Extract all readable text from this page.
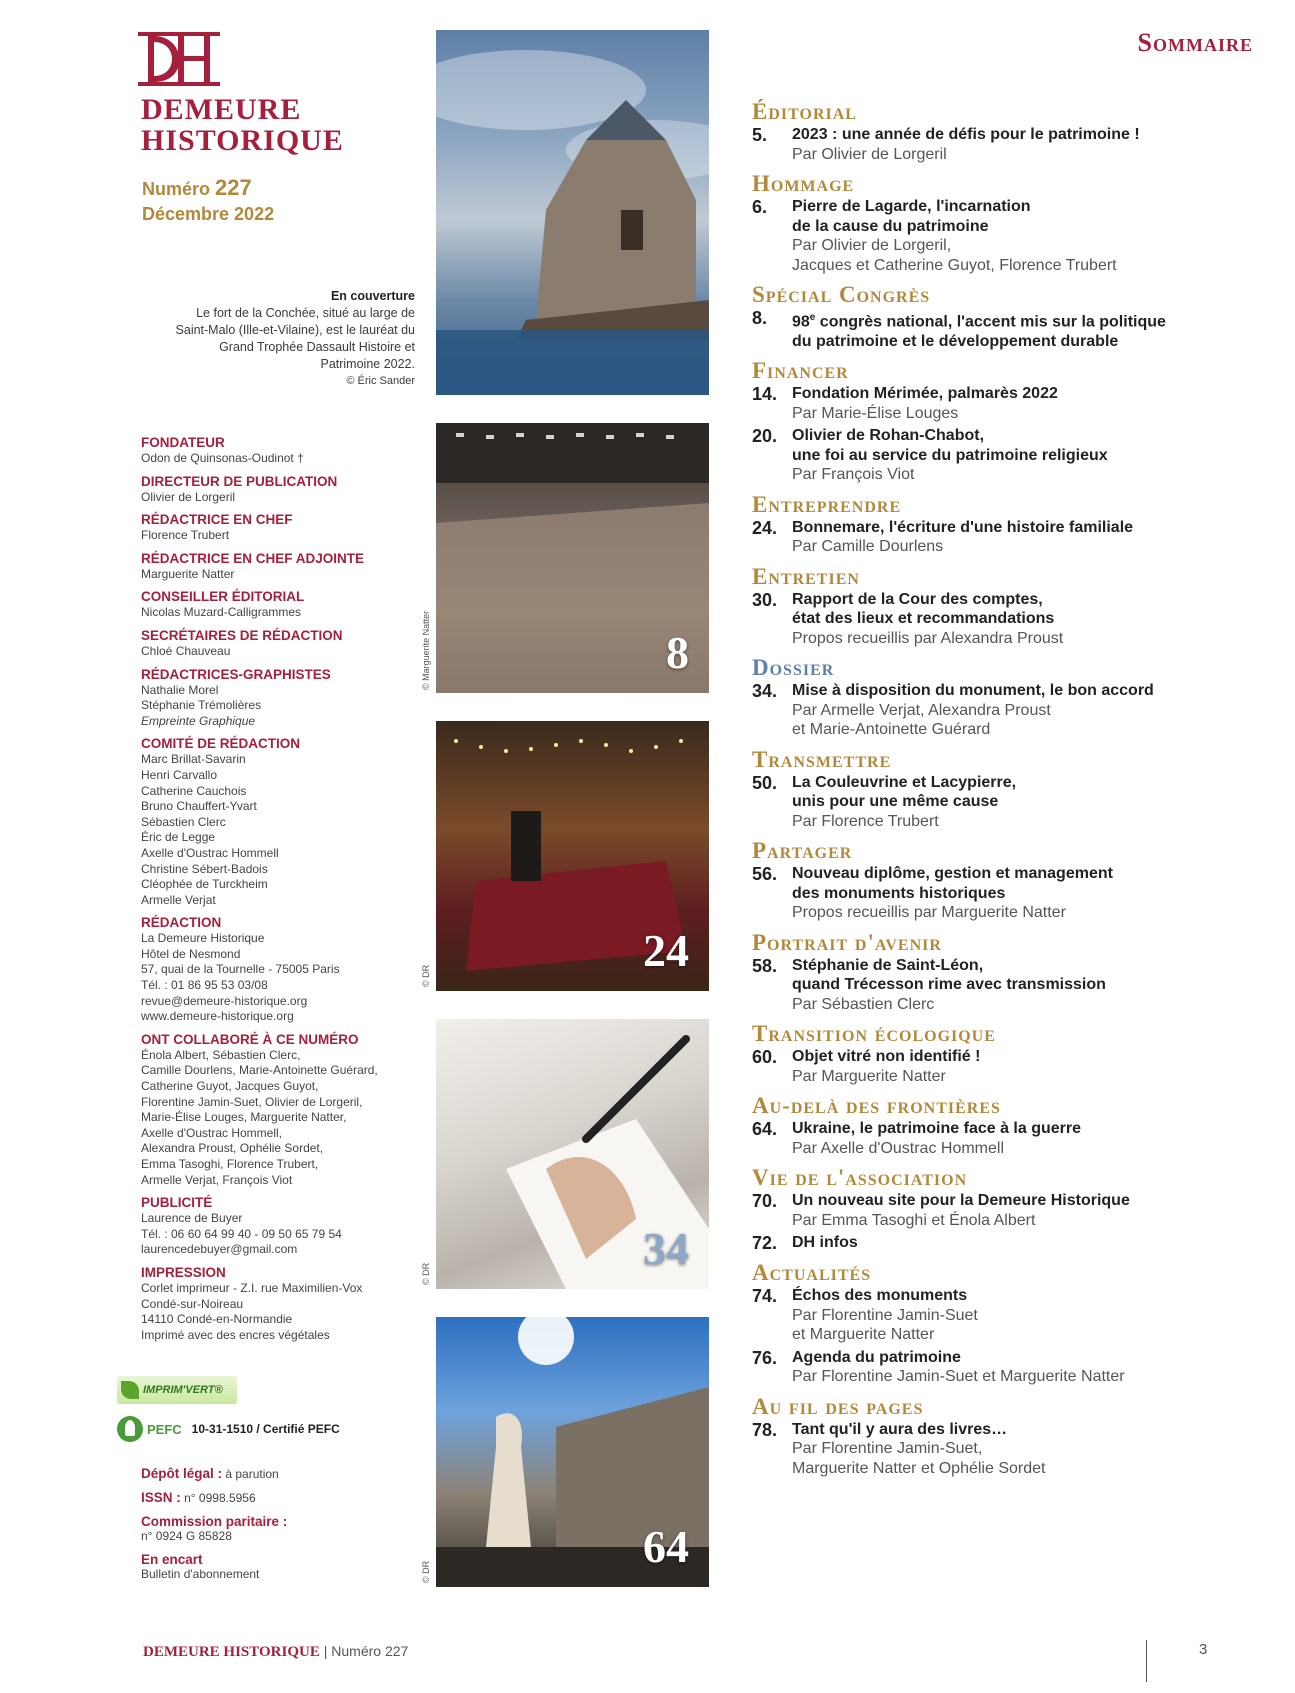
DEMEURE
HISTORIQUE
Numéro 227
Décembre 2022
Sommaire
En couverture
Le fort de la Conchée, situé au large de Saint-Malo (Ille-et-Vilaine), est le lauréat du Grand Trophée Dassault Histoire et Patrimoine 2022.
© Éric Sander
FONDATEUR
Odon de Quinsonas-Oudinot †
DIRECTEUR DE PUBLICATION
Olivier de Lorgeril
RÉDACTRICE EN CHEF
Florence Trubert
RÉDACTRICE EN CHEF ADJOINTE
Marguerite Natter
CONSEILLER ÉDITORIAL
Nicolas Muzard-Calligrammes
SECRÉTAIRES DE RÉDACTION
Chloé Chauveau
RÉDACTRICES-GRAPHISTES
Nathalie Morel
Stéphanie Trémolières
Empreinte Graphique
COMITÉ DE RÉDACTION
Marc Brillat-Savarin
Henri Carvallo
Catherine Cauchois
Bruno Chauffert-Yvart
Sébastien Clerc
Éric de Legge
Axelle d'Oustrac Hommell
Christine Sébert-Badois
Cléophée de Turckheim
Armelle Verjat
RÉDACTION
La Demeure Historique
Hôtel de Nesmond
57, quai de la Tournelle - 75005 Paris
Tél. : 01 86 95 53 03/08
revue@demeure-historique.org
www.demeure-historique.org
ONT COLLABORÉ À CE NUMÉRO
Énola Albert, Sébastien Clerc,
Camille Dourlens, Marie-Antoinette Guérard,
Catherine Guyot, Jacques Guyot,
Florentine Jamin-Suet, Olivier de Lorgeril,
Marie-Élise Louges, Marguerite Natter,
Axelle d'Oustrac Hommell,
Alexandra Proust, Ophélie Sordet,
Emma Tasoghi, Florence Trubert,
Armelle Verjat, François Viot
PUBLICITÉ
Laurence de Buyer
Tél. : 06 60 64 99 40 - 09 50 65 79 54
laurencedebuyer@gmail.com
IMPRESSION
Corlet imprimeur - Z.I. rue Maximilien-Vox
Condé-sur-Noireau
14110 Condé-en-Normandie
Imprimé avec des encres végétales
IMPRIM'VERT®
PEFC 10-31-1510 / Certifié PEFC
Dépôt légal : à parution
ISSN : n° 0998.5956
Commission paritaire :
n° 0924 G 85828
En encart
Bulletin d'abonnement
8
© Marguerite Natter
24
© DR
34
© DR
64
© DR
Éditorial
5.	2023 : une année de défis pour le patrimoine !
Par Olivier de Lorgeril
Hommage
6.	Pierre de Lagarde, l'incarnation
de la cause du patrimoine
Par Olivier de Lorgeril,
Jacques et Catherine Guyot, Florence Trubert
Spécial Congrès
8.	98e congrès national, l'accent mis sur la politique
du patrimoine et le développement durable
Financer
14. Fondation Mérimée, palmarès 2022
Par Marie-Élise Louges
20. Olivier de Rohan-Chabot,
une foi au service du patrimoine religieux
Par François Viot
Entreprendre
24. Bonnemare, l'écriture d'une histoire familiale
Par Camille Dourlens
Entretien
30. Rapport de la Cour des comptes,
état des lieux et recommandations
Propos recueillis par Alexandra Proust
Dossier
34. Mise à disposition du monument, le bon accord
Par Armelle Verjat, Alexandra Proust
et Marie-Antoinette Guérard
Transmettre
50. La Couleuvrine et Lacypierre,
unis pour une même cause
Par Florence Trubert
Partager
56. Nouveau diplôme, gestion et management
des monuments historiques
Propos recueillis par Marguerite Natter
Portrait d'avenir
58. Stéphanie de Saint-Léon,
quand Trécesson rime avec transmission
Par Sébastien Clerc
Transition écologique
60. Objet vitré non identifié !
Par Marguerite Natter
Au-delà des frontières
64. Ukraine, le patrimoine face à la guerre
Par Axelle d'Oustrac Hommell
Vie de l'association
70. Un nouveau site pour la Demeure Historique
Par Emma Tasoghi et Énola Albert
72. DH infos
Actualités
74. Échos des monuments
Par Florentine Jamin-Suet
et Marguerite Natter
76. Agenda du patrimoine
Par Florentine Jamin-Suet et Marguerite Natter
Au fil des pages
78. Tant qu'il y aura des livres…
Par Florentine Jamin-Suet,
Marguerite Natter et Ophélie Sordet
DEMEURE HISTORIQUE | Numéro 227	3
